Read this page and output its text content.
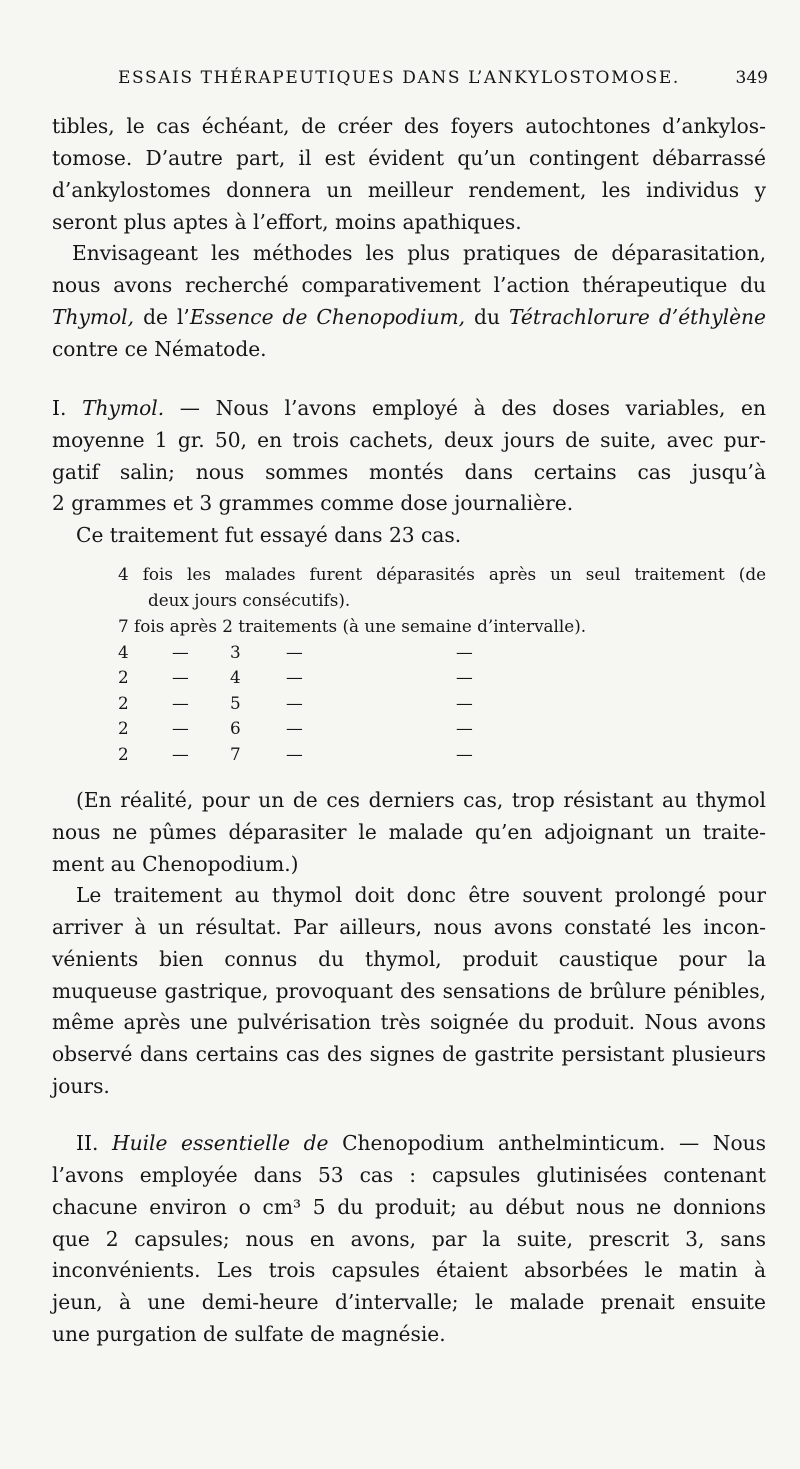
ESSAIS THÉRAPEUTIQUES DANS L’ANKYLOSTOMOSE.	349
tibles, le cas échéant, de créer des foyers autochtones d’ankylos-
tomose. D’autre part, il est évident qu’un contingent débarrassé
d’ankylostomes donnera un meilleur rendement, les individus y
seront plus aptes à l’effort, moins apathiques.
Envisageant les méthodes les plus pratiques de déparasitation,
nous avons recherché comparativement l’action thérapeutique du
Thymol, de l’Essence de Chenopodium, du Tétrachlorure d’éthylène
contre ce Nématode.
I. Thymol. — Nous l’avons employé à des doses variables, en
moyenne 1 gr. 50, en trois cachets, deux jours de suite, avec pur-
gatif salin; nous sommes montés dans certains cas jusqu’à
2 grammes et 3 grammes comme dose journalière.
Ce traitement fut essayé dans 23 cas.
4 fois les malades furent déparasités après un seul traitement (de
deux jours consécutifs).
7 fois après 2 traitements (à une semaine d’intervalle).
4	— 3	—	—
2	— 4	—	—
2	— 5	—	—
2	— 6	—	—
2	— 7	—	—
(En réalité, pour un de ces derniers cas, trop résistant au thymol
nous ne pûmes déparasiter le malade qu’en adjoignant un traite-
ment au Chenopodium.)
Le traitement au thymol doit donc être souvent prolongé pour
arriver à un résultat. Par ailleurs, nous avons constaté les incon-
vénients bien connus du thymol, produit caustique pour la
muqueuse gastrique, provoquant des sensations de brûlure pénibles,
même après une pulvérisation très soignée du produit. Nous avons
observé dans certains cas des signes de gastrite persistant plusieurs
jours.
II. Huile essentielle de Chenopodium anthelminticum. — Nous
l’avons employée dans 53 cas : capsules glutinisées contenant
chacune environ o cm³ 5 du produit; au début nous ne donnions
que 2 capsules; nous en avons, par la suite, prescrit 3, sans
inconvénients. Les trois capsules étaient absorbées le matin à
jeun, à une demi-heure d’intervalle; le malade prenait ensuite
une purgation de sulfate de magnésie.
